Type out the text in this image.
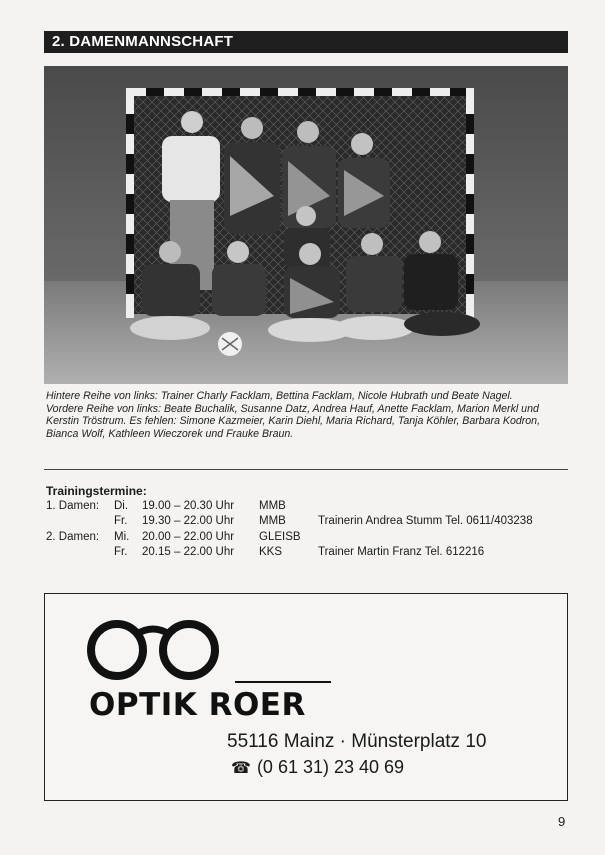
2. DAMENMANNSCHAFT

Hintere Reihe von links: Trainer Charly Facklam, Bettina Facklam, Nicole Hubrath und Beate Nagel.

Vordere Reihe von links: Beate Buchalik, Susanne Datz, Andrea Hauf, Anette Facklam, Marion Merkl und Kerstin Tröstrum. Es fehlen: Simone Kazmeier, Karin Diehl, Maria Richard, Tanja Köhler, Barbara Kodron, Bianca Wolf, Kathleen Wieczorek und Frauke Braun.

Trainingstermine:
1. Damen: Di. 19.00 – 20.30 Uhr MMB
Fr. 19.30 – 22.00 Uhr MMB	Trainerin Andrea Stumm Tel. 0611/403238
2. Damen: Mi. 20.00 – 22.00 Uhr GLEISB
Fr. 20.15 – 22.00 Uhr KKS	Trainer Martin Franz Tel. 612216
OPTIK ROER
55116 Mainz · Münsterplatz 10
☎ (0 61 31) 23 40 69
9
